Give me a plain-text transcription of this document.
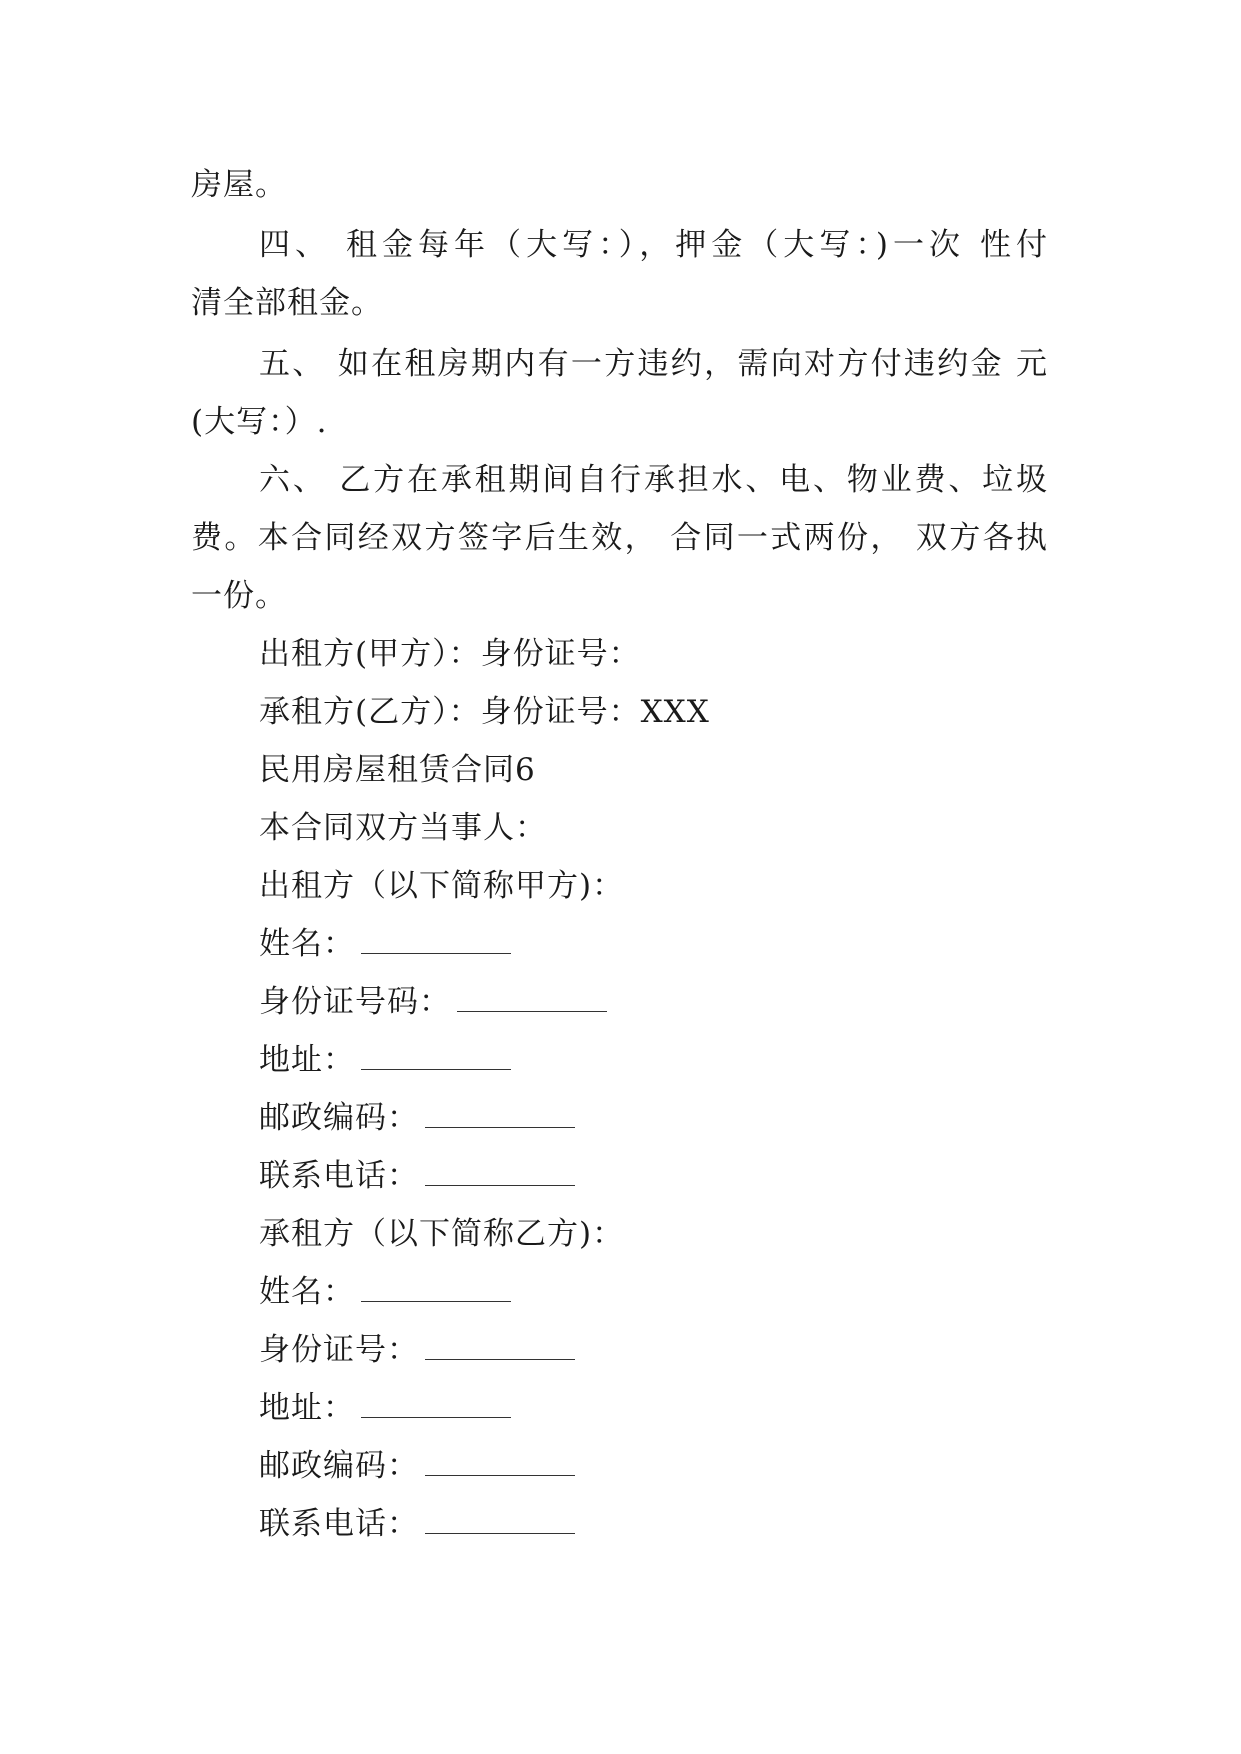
房屋。
四、 租金每年（大写：），押金（大写：)一次 性付
清全部租金。
五、 如在租房期内有一方违约，需向对方付违约金 元
(大写：）.
六、 乙方在承租期间自行承担水、电、物业费、垃圾
费。本合同经双方签字后生效， 合同一式两份， 双方各执
一份。
出租方(甲方）：身份证号：
承租方(乙方）：身份证号：XXX
民用房屋租赁合同6
本合同双方当事人：
出租方（以下简称甲方)：
姓名：
身份证号码：
地址：
邮政编码：
联系电话：
承租方（以下简称乙方)：
姓名：
身份证号：
地址：
邮政编码：
联系电话：
